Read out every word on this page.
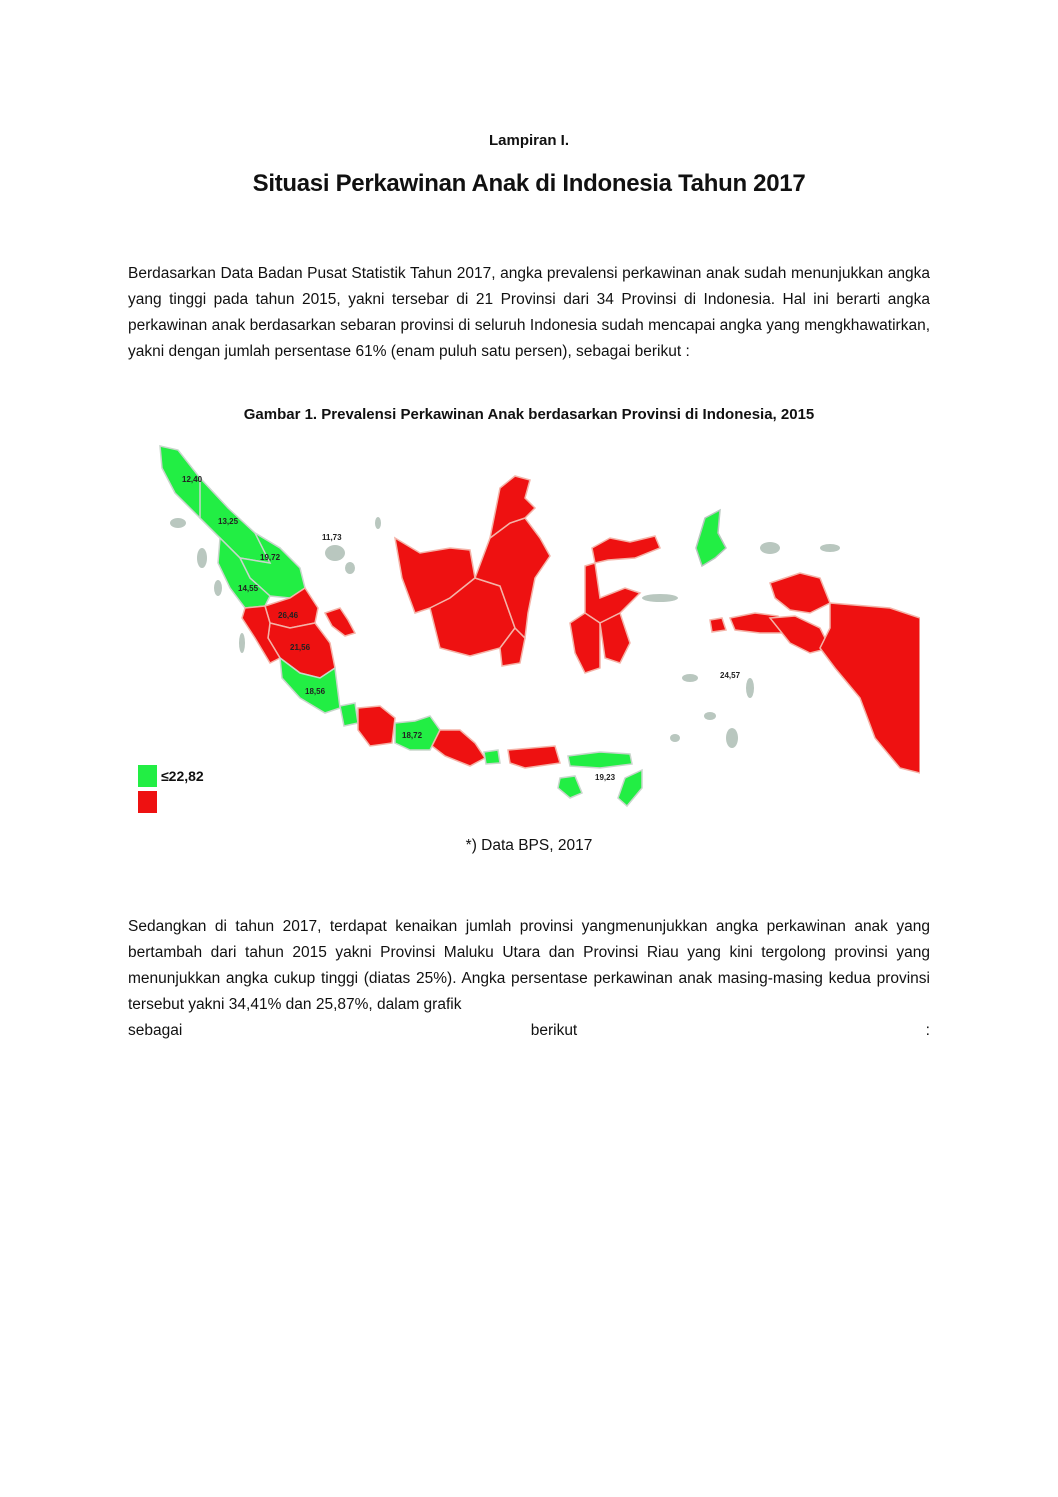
Lampiran I.
Situasi Perkawinan Anak di Indonesia Tahun 2017

Berdasarkan Data Badan Pusat Statistik Tahun 2017, angka prevalensi perkawinan anak sudah menunjukkan angka yang tinggi pada tahun 2015, yakni tersebar di 21 Provinsi dari 34 Provinsi di Indonesia. Hal ini berarti angka perkawinan anak berdasarkan sebaran provinsi di seluruh Indonesia sudah mencapai angka yang mengkhawatirkan, yakni dengan jumlah persentase 61% (enam puluh satu persen), sebagai berikut :

Gambar 1. Prevalensi Perkawinan Anak berdasarkan Provinsi di Indonesia, 2015
12,40
13,25
19,72
11,73
14,55
26,46
21,56
18,56
18,72
19,23
24,57
≤22,82
*) Data BPS, 2017

Sedangkan di tahun 2017, terdapat kenaikan jumlah provinsi yangmenunjukkan angka perkawinan anak yang bertambah dari tahun 2015 yakni Provinsi Maluku Utara dan Provinsi Riau yang kini tergolong provinsi yang menunjukkan angka cukup tinggi (diatas 25%). Angka persentase perkawinan anak masing-masing kedua provinsi tersebut yakni 34,41% dan 25,87%, dalam grafik

sebagai	berikut	:
